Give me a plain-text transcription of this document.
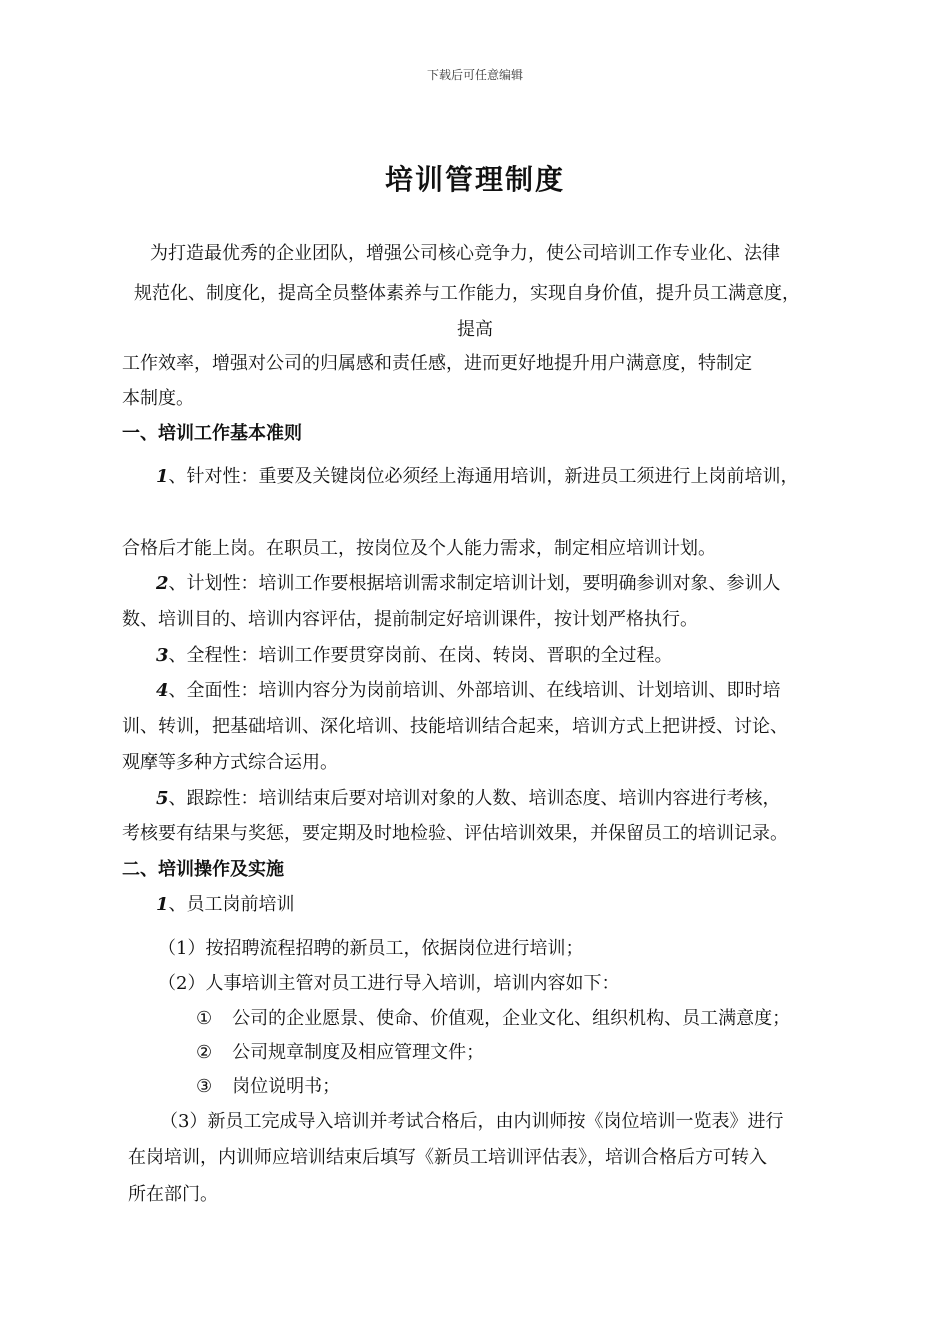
下载后可任意编辑
培训管理制度
为打造最优秀的企业团队，增强公司核心竞争力，使公司培训工作专业化、法律
规范化、制度化，提高全员整体素养与工作能力，实现自身价值，提升员工满意度，
提高
工作效率，增强对公司的归属感和责任感，进而更好地提升用户满意度，特制定
本制度。
一、培训工作基本准则
1、针对性：重要及关键岗位必须经上海通用培训，新进员工须进行上岗前培训，
合格后才能上岗。在职员工，按岗位及个人能力需求，制定相应培训计划。
2、计划性：培训工作要根据培训需求制定培训计划，要明确参训对象、参训人
数、培训目的、培训内容评估，提前制定好培训课件，按计划严格执行。
3、全程性：培训工作要贯穿岗前、在岗、转岗、晋职的全过程。
4、全面性：培训内容分为岗前培训、外部培训、在线培训、计划培训、即时培
训、转训，把基础培训、深化培训、技能培训结合起来，培训方式上把讲授、讨论、
观摩等多种方式综合运用。
5、跟踪性：培训结束后要对培训对象的人数、培训态度、培训内容进行考核，
考核要有结果与奖惩，要定期及时地检验、评估培训效果，并保留员工的培训记录。
二、培训操作及实施
1、员工岗前培训
（1）按招聘流程招聘的新员工，依据岗位进行培训；
（2）人事培训主管对员工进行导入培训，培训内容如下：
① 公司的企业愿景、使命、价值观，企业文化、组织机构、员工满意度；
② 公司规章制度及相应管理文件；
③ 岗位说明书；
（3）新员工完成导入培训并考试合格后，由内训师按《岗位培训一览表》进行
在岗培训，内训师应培训结束后填写《新员工培训评估表》，培训合格后方可转入
所在部门。
